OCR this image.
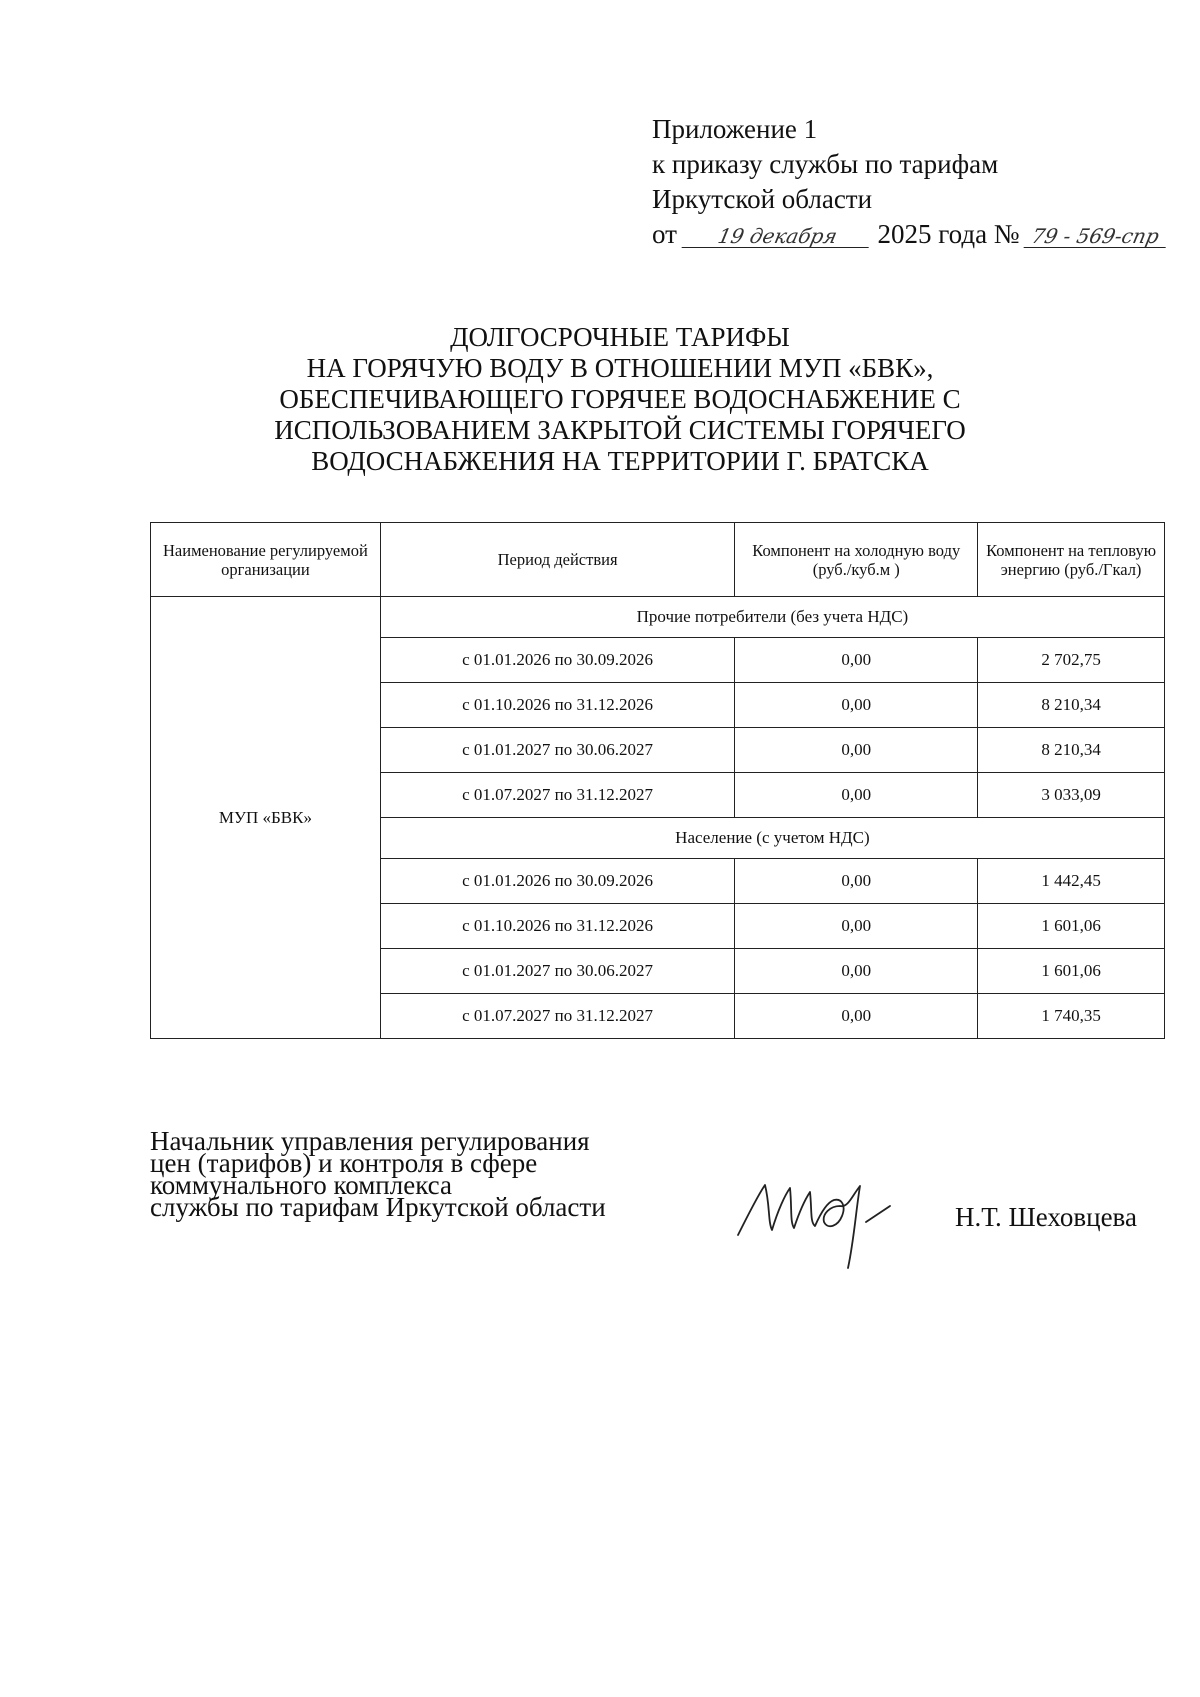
Приложение 1
к приказу службы по тарифам
Иркутской области
от 19 декабря 2025 года № 79 - 569-спр
ДОЛГОСРОЧНЫЕ ТАРИФЫ
НА ГОРЯЧУЮ ВОДУ В ОТНОШЕНИИ МУП «БВК»,
ОБЕСПЕЧИВАЮЩЕГО ГОРЯЧЕЕ ВОДОСНАБЖЕНИЕ С
ИСПОЛЬЗОВАНИЕМ ЗАКРЫТОЙ СИСТЕМЫ ГОРЯЧЕГО
ВОДОСНАБЖЕНИЯ НА ТЕРРИТОРИИ Г. БРАТСКА
Наименование регулируемой организации	Период действия	Компонент на холодную воду (руб./куб.м )	Компонент на тепловую энергию (руб./Гкал)
МУП «БВК»	Прочие потребители (без учета НДС)		
	с 01.01.2026 по 30.09.2026	0,00	2 702,75
	с 01.10.2026 по 31.12.2026	0,00	8 210,34
	с 01.01.2027 по 30.06.2027	0,00	8 210,34
	с 01.07.2027 по 31.12.2027	0,00	3 033,09
	Население (с учетом НДС)		
	с 01.01.2026 по 30.09.2026	0,00	1 442,45
	с 01.10.2026 по 31.12.2026	0,00	1 601,06
	с 01.01.2027 по 30.06.2027	0,00	1 601,06
	с 01.07.2027 по 31.12.2027	0,00	1 740,35
Начальник управления регулирования
цен (тарифов) и контроля в сфере
коммунального комплекса
службы по тарифам Иркутской области	Н.Т. Шеховцева
